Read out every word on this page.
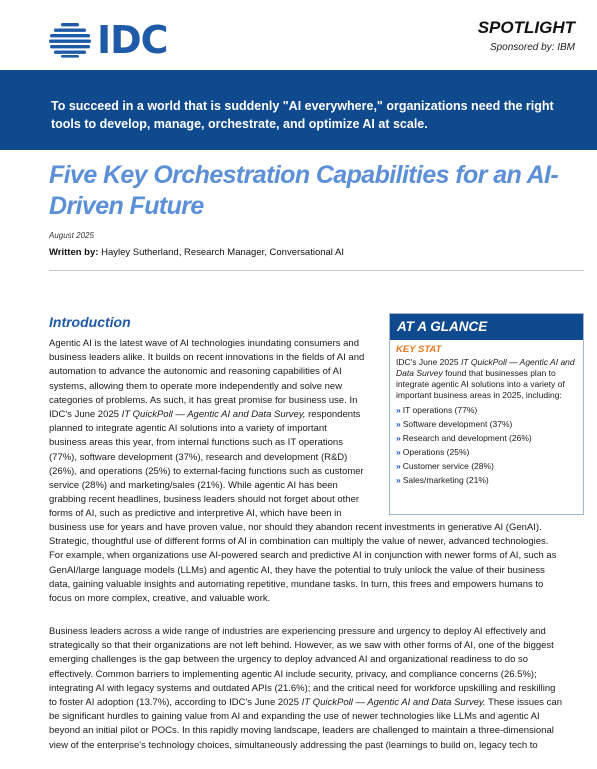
IDC	SPOTLIGHT
Sponsored by: IBM
To succeed in a world that is suddenly "AI everywhere," organizations need the right tools to develop, manage, orchestrate, and optimize AI at scale.
Five Key Orchestration Capabilities for an AI-Driven Future
August 2025
Written by: Hayley Sutherland, Research Manager, Conversational AI
Introduction	AT A GLANCE
KEY STAT
IDC's June 2025 IT QuickPoll — Agentic AI and Data Survey found that businesses plan to integrate agentic AI solutions into a variety of important business areas in 2025, including:
» IT operations (77%)
» Software development (37%)
» Research and development (26%)
» Operations (25%)
» Customer service (28%)
» Sales/marketing (21%)
Agentic AI is the latest wave of AI technologies inundating consumers and
business leaders alike. It builds on recent innovations in the fields of AI and
automation to advance the autonomic and reasoning capabilities of AI
systems, allowing them to operate more independently and solve new
categories of problems. As such, it has great promise for business use. In
IDC's June 2025 IT QuickPoll — Agentic AI and Data Survey, respondents
planned to integrate agentic AI solutions into a variety of important
business areas this year, from internal functions such as IT operations
(77%), software development (37%), research and development (R&D)
(26%), and operations (25%) to external-facing functions such as customer
service (28%) and marketing/sales (21%). While agentic AI has been
grabbing recent headlines, business leaders should not forget about other
forms of AI, such as predictive and interpretive AI, which have been in
business use for years and have proven value, nor should they abandon recent investments in generative AI (GenAI).
Strategic, thoughtful use of different forms of AI in combination can multiply the value of newer, advanced technologies.
For example, when organizations use AI-powered search and predictive AI in conjunction with newer forms of AI, such as
GenAI/large language models (LLMs) and agentic AI, they have the potential to truly unlock the value of their business
data, gaining valuable insights and automating repetitive, mundane tasks. In turn, this frees and empowers humans to
focus on more complex, creative, and valuable work.
Business leaders across a wide range of industries are experiencing pressure and urgency to deploy AI effectively and
strategically so that their organizations are not left behind. However, as we saw with other forms of AI, one of the biggest
emerging challenges is the gap between the urgency to deploy advanced AI and organizational readiness to do so
effectively. Common barriers to implementing agentic AI include security, privacy, and compliance concerns (26.5%);
integrating AI with legacy systems and outdated APIs (21.6%); and the critical need for workforce upskilling and reskilling
to foster AI adoption (13.7%), according to IDC's June 2025 IT QuickPoll — Agentic AI and Data Survey. These issues can
be significant hurdles to gaining value from AI and expanding the use of newer technologies like LLMs and agentic AI
beyond an initial pilot or POCs. In this rapidly moving landscape, leaders are challenged to maintain a three-dimensional
view of the enterprise's technology choices, simultaneously addressing the past (learnings to build on, legacy tech to
